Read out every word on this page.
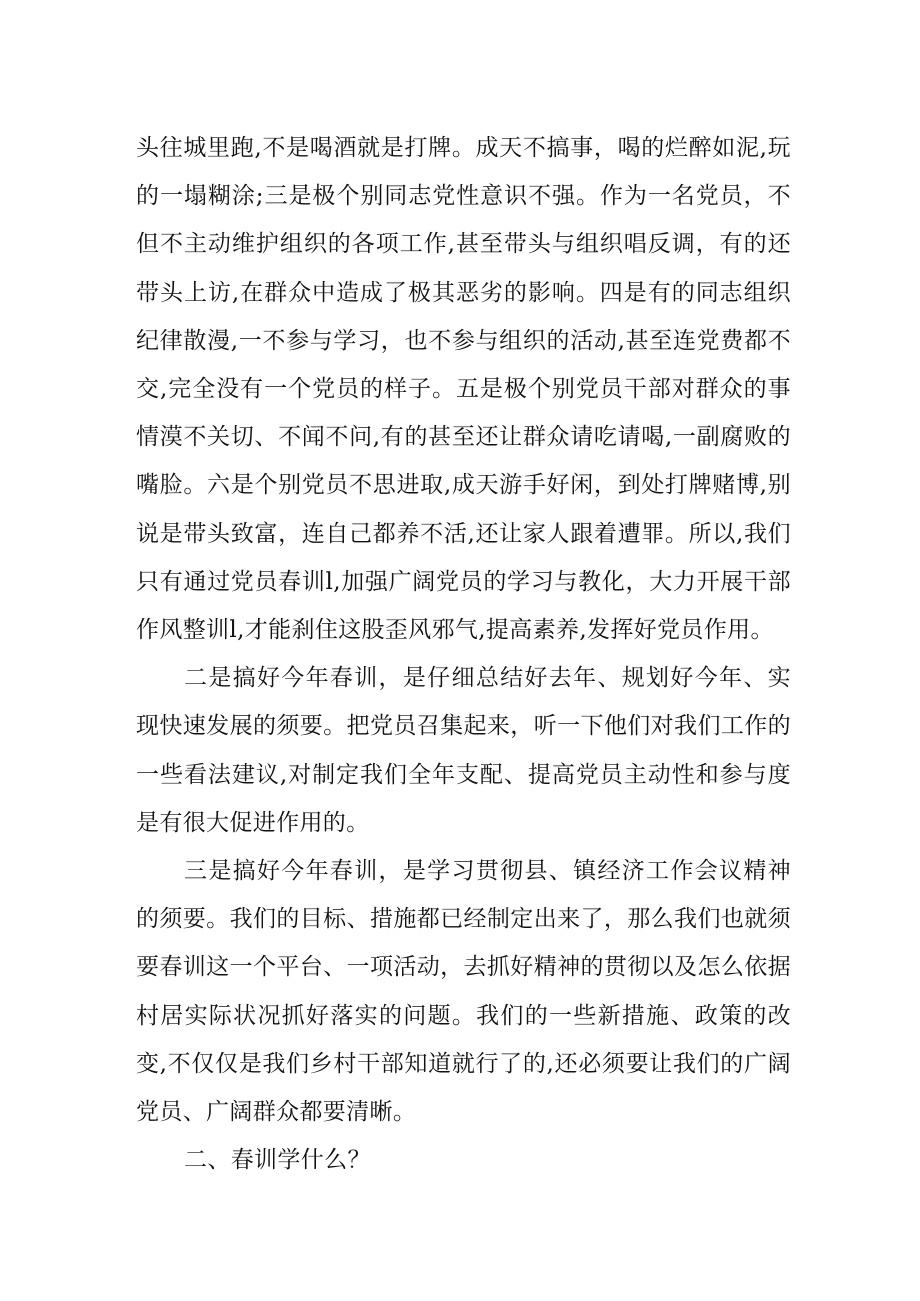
头往城里跑,不是喝酒就是打牌。成天不搞事，喝的烂醉如泥,玩的一塌糊涂;三是极个别同志党性意识不强。作为一名党员，不但不主动维护组织的各项工作,甚至带头与组织唱反调，有的还带头上访,在群众中造成了极其恶劣的影响。四是有的同志组织纪律散漫,一不参与学习，也不参与组织的活动,甚至连党费都不交,完全没有一个党员的样子。五是极个别党员干部对群众的事情漠不关切、不闻不问,有的甚至还让群众请吃请喝,一副腐败的嘴脸。六是个别党员不思进取,成天游手好闲，到处打牌赌博,别说是带头致富，连自己都养不活,还让家人跟着遭罪。所以,我们只有通过党员春训l,加强广阔党员的学习与教化，大力开展干部作风整训l,才能刹住这股歪风邪气,提高素养,发挥好党员作用。

二是搞好今年春训，是仔细总结好去年、规划好今年、实现快速发展的须要。把党员召集起来，听一下他们对我们工作的一些看法建议,对制定我们全年支配、提高党员主动性和参与度是有很大促进作用的。

三是搞好今年春训，是学习贯彻县、镇经济工作会议精神的须要。我们的目标、措施都已经制定出来了，那么我们也就须要春训这一个平台、一项活动，去抓好精神的贯彻以及怎么依据村居实际状况抓好落实的问题。我们的一些新措施、政策的改变,不仅仅是我们乡村干部知道就行了的,还必须要让我们的广阔党员、广阔群众都要清晰。

二、春训学什么？
